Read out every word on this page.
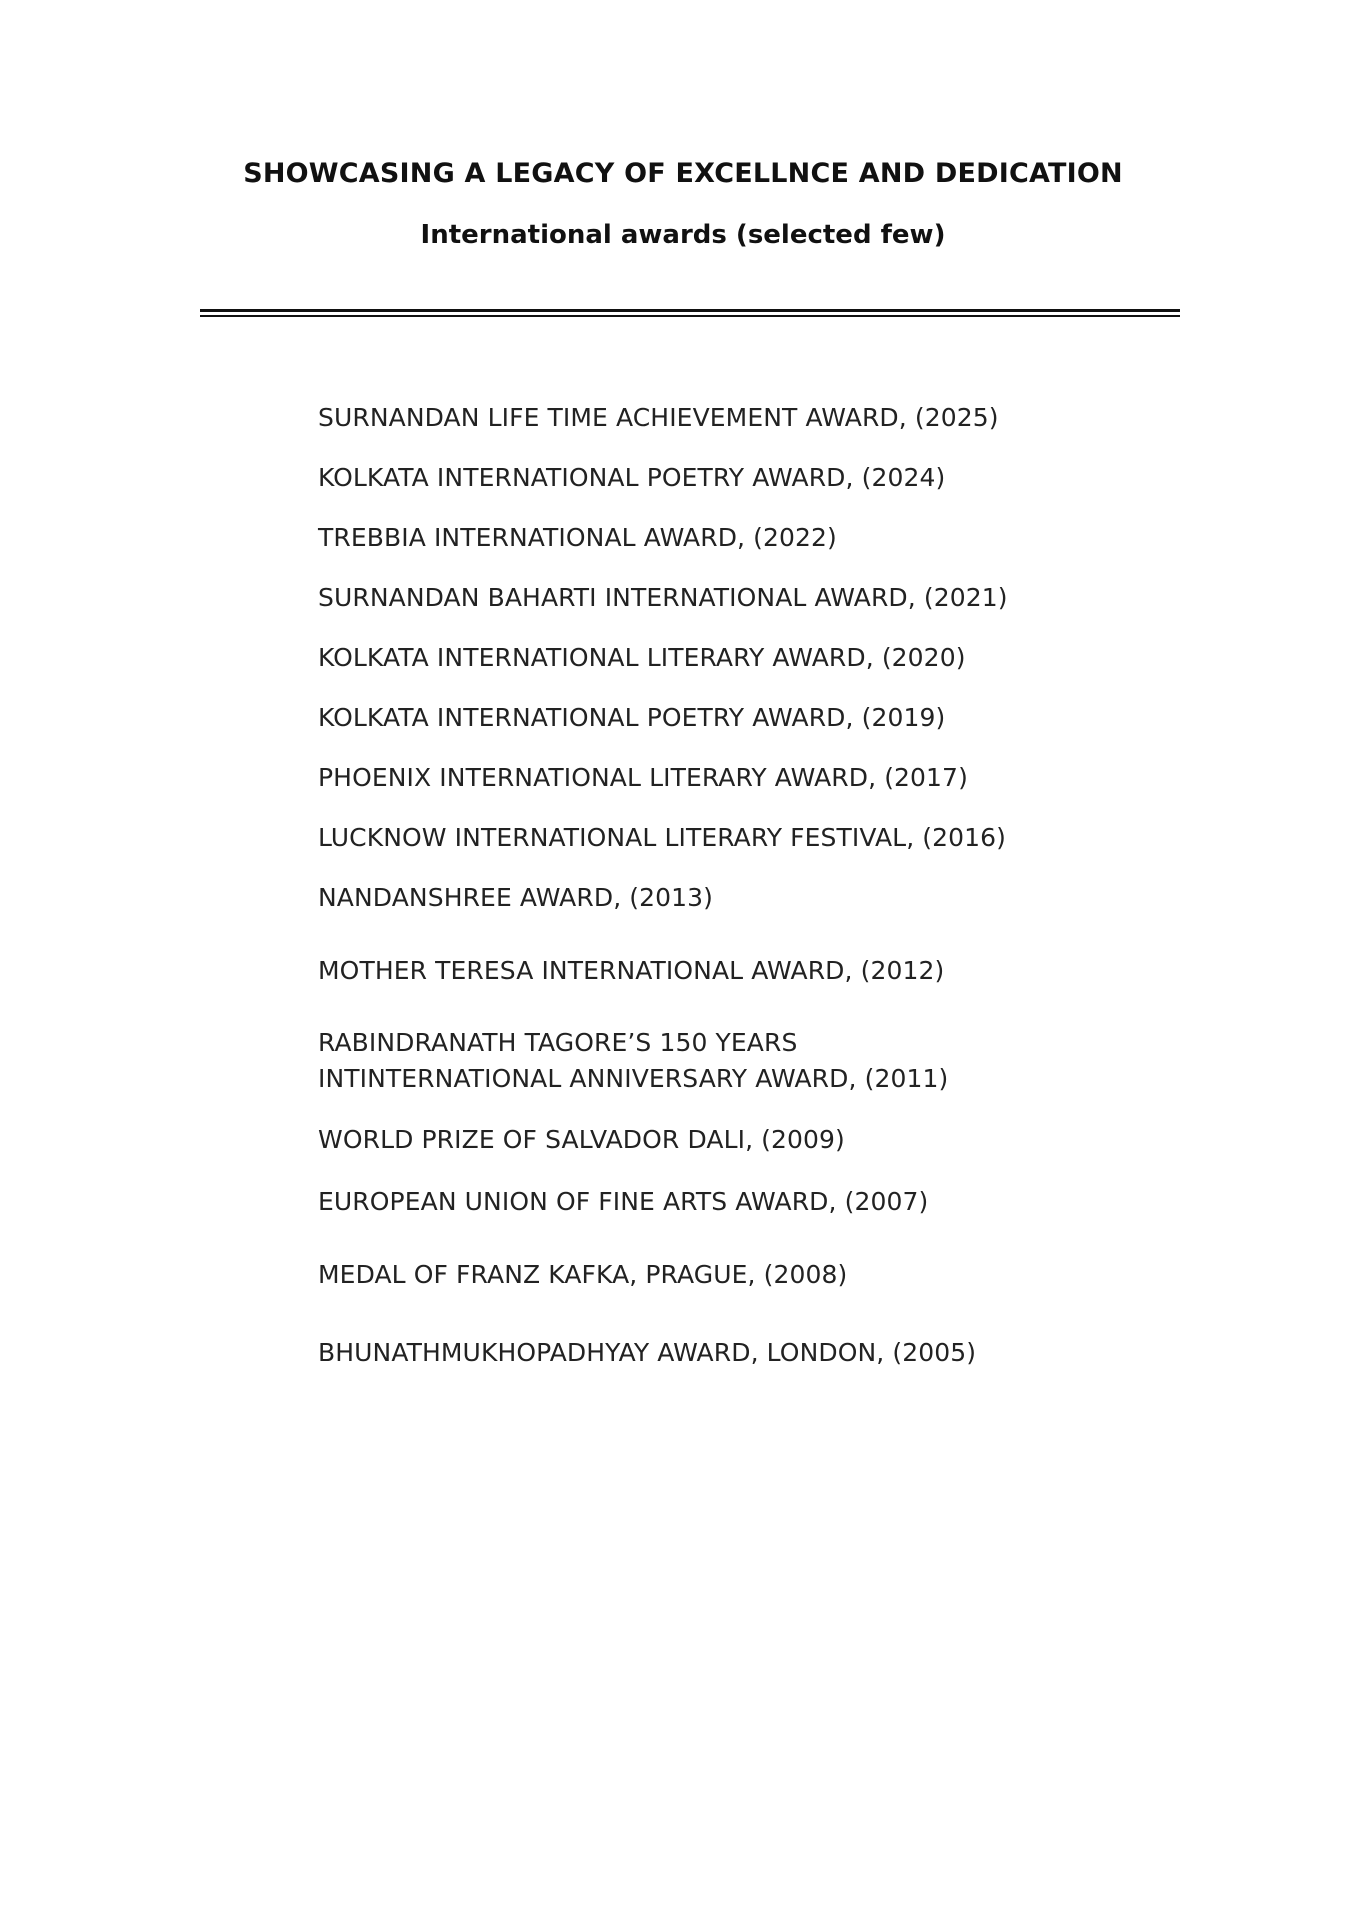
SHOWCASING A LEGACY OF EXCELLNCE AND DEDICATION
International awards (selected few)
SURNANDAN LIFE TIME ACHIEVEMENT AWARD, (2025)
KOLKATA INTERNATIONAL POETRY AWARD, (2024)
TREBBIA INTERNATIONAL AWARD, (2022)
SURNANDAN BAHARTI INTERNATIONAL AWARD, (2021)
KOLKATA INTERNATIONAL LITERARY AWARD, (2020)
KOLKATA INTERNATIONAL POETRY AWARD, (2019)
PHOENIX INTERNATIONAL LITERARY AWARD, (2017)
LUCKNOW INTERNATIONAL LITERARY FESTIVAL, (2016)
NANDANSHREE AWARD, (2013)
MOTHER TERESA INTERNATIONAL AWARD, (2012)
RABINDRANATH TAGORE’S 150 YEARS
INTINTERNATIONAL ANNIVERSARY AWARD, (2011)
WORLD PRIZE OF SALVADOR DALI, (2009)
EUROPEAN UNION OF FINE ARTS AWARD, (2007)
MEDAL OF FRANZ KAFKA, PRAGUE, (2008)
BHUNATHMUKHOPADHYAY AWARD, LONDON, (2005)
